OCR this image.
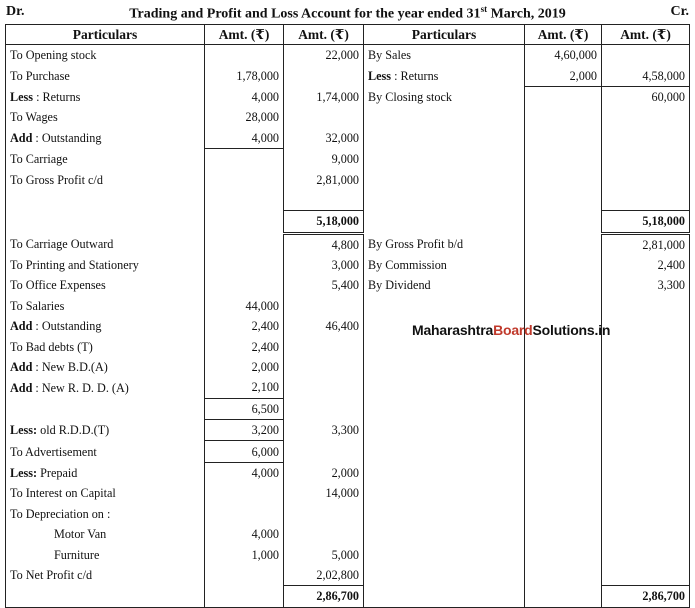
Dr.	Trading and Profit and Loss Account for the year ended 31st March, 2019	Cr.
Particulars	Amt. (₹)	Amt. (₹)	Particulars	Amt. (₹)	Amt. (₹)
To Opening stock		22,000	By Sales	4,60,000	
To Purchase	1,78,000		Less : Returns	2,000	4,58,000
Less : Returns	4,000	1,74,000	By Closing stock		60,000
To Wages	28,000				
Add : Outstanding	4,000	32,000			
To Carriage		9,000			
To Gross Profit c/d		2,81,000			

		5,18,000			5,18,000
To Carriage Outward		4,800	By Gross Profit b/d		2,81,000
To Printing and Stationery		3,000	By Commission		2,400
To Office Expenses		5,400	By Dividend		3,300
To Salaries	44,000				
Add : Outstanding	2,400	46,400			
To Bad debts (T)	2,400				
Add : New B.D.(A)	2,000				
Add : New R. D. D. (A)	2,100				
	6,500				
Less: old R.D.D.(T)	3,200	3,300			
To Advertisement	6,000				
Less: Prepaid	4,000	2,000			
To Interest on Capital		14,000			
To Depreciation on :					
Motor Van	4,000				
Furniture	1,000	5,000			
To Net Profit c/d		2,02,800			
		2,86,700			2,86,700
MaharashtraBoardSolutions.in
